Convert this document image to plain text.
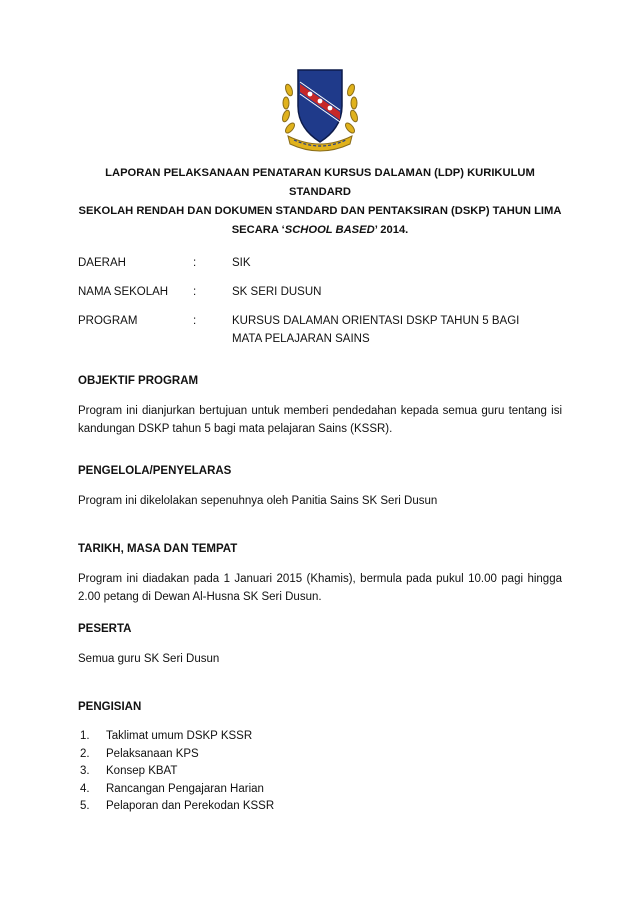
LAPORAN PELAKSANAAN PENATARAN KURSUS DALAMAN (LDP) KURIKULUM STANDARD
SEKOLAH RENDAH DAN DOKUMEN STANDARD DAN PENTAKSIRAN (DSKP) TAHUN LIMA
SECARA ‘SCHOOL BASED’ 2014.
DAERAH	:	SIK
NAMA SEKOLAH	:	SK SERI DUSUN
PROGRAM	:	KURSUS DALAMAN ORIENTASI DSKP TAHUN 5 BAGI MATA PELAJARAN SAINS
OBJEKTIF PROGRAM
Program ini dianjurkan bertujuan untuk memberi pendedahan kepada semua guru tentang isi kandungan DSKP tahun 5 bagi mata pelajaran Sains (KSSR).
PENGELOLA/PENYELARAS
Program ini dikelolakan sepenuhnya oleh Panitia Sains SK Seri Dusun
TARIKH, MASA DAN TEMPAT
Program ini diadakan pada 1 Januari 2015 (Khamis), bermula pada pukul 10.00 pagi hingga 2.00 petang di Dewan Al-Husna SK Seri Dusun.
PESERTA
Semua guru SK Seri Dusun
PENGISIAN
1.	Taklimat umum DSKP KSSR
2.	Pelaksanaan KPS
3.	Konsep KBAT
4.	Rancangan Pengajaran Harian
5.	Pelaporan dan Perekodan KSSR
